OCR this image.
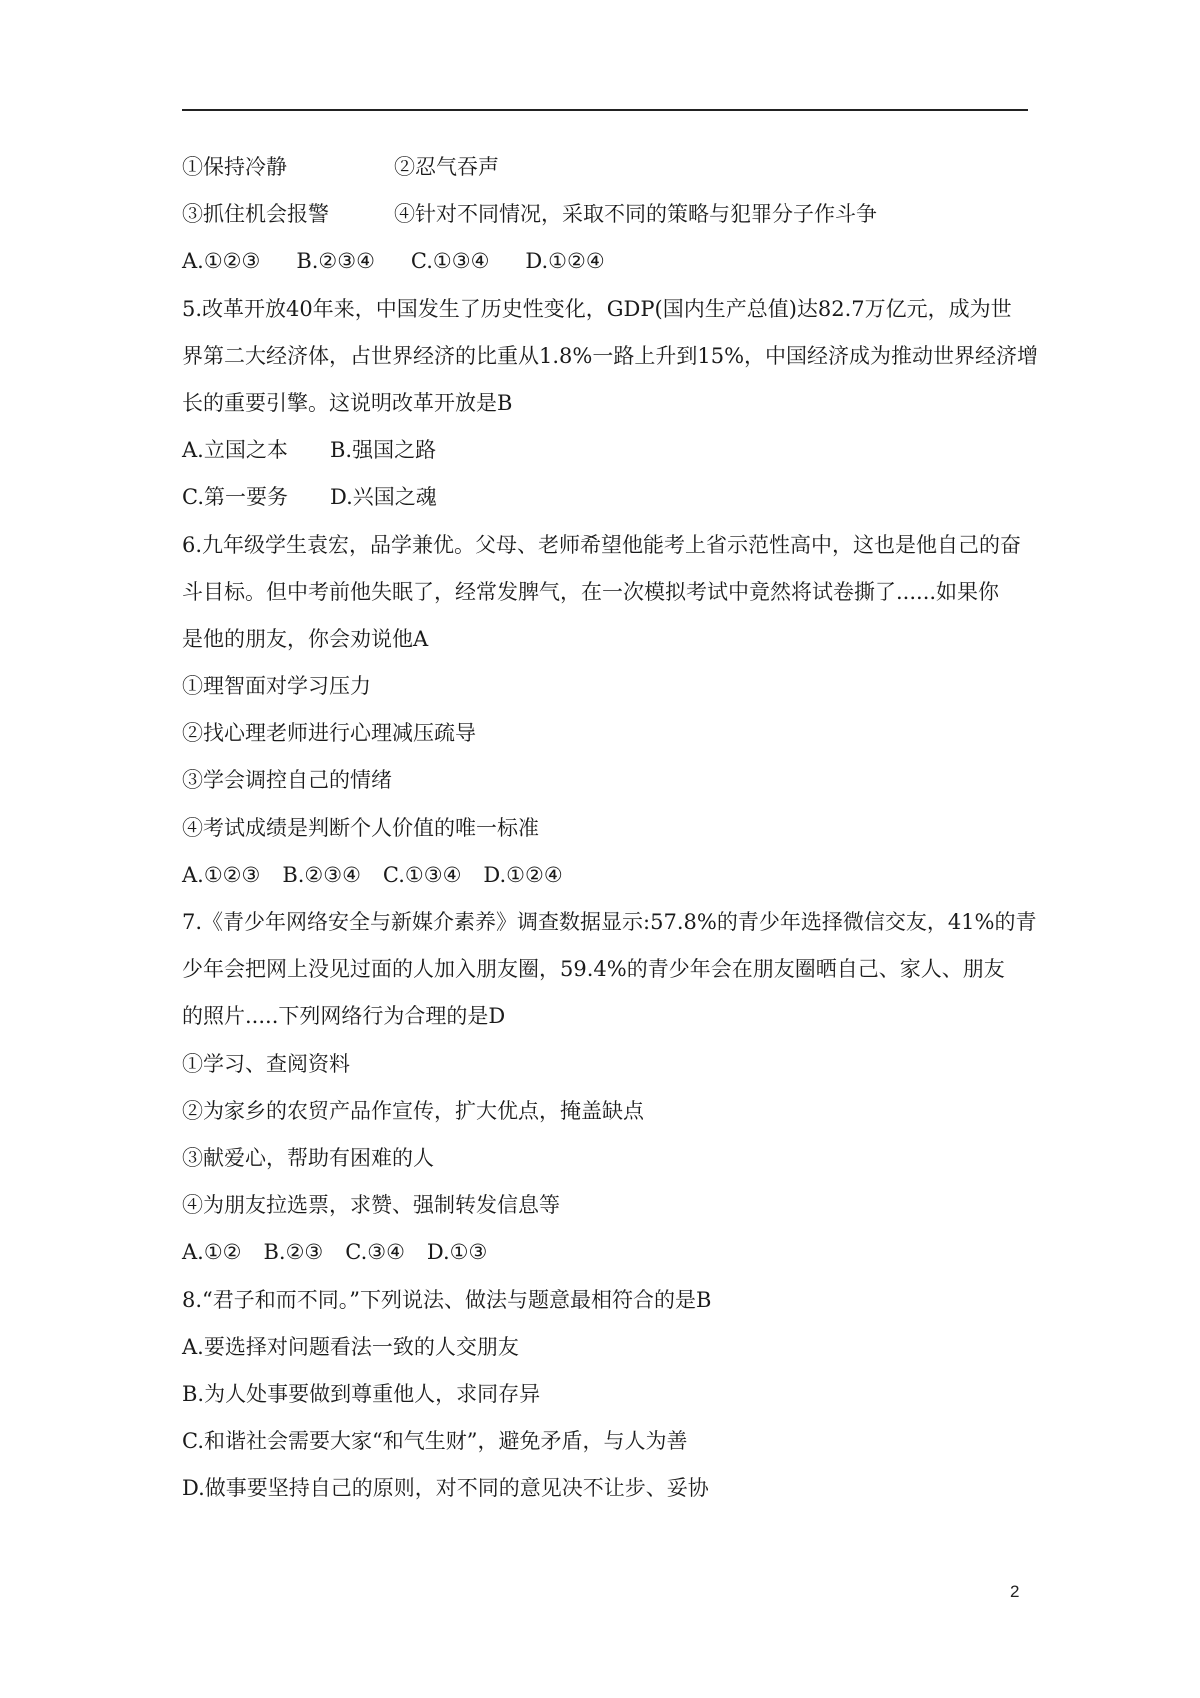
①保持冷静	②忍气吞声
③抓住机会报警	④针对不同情况，采取不同的策略与犯罪分子作斗争
A.①②③ B.②③④ C.①③④ D.①②④
5.改革开放40年来，中国发生了历史性变化，GDP(国内生产总值)达82.7万亿元，成为世
界第二大经济体，占世界经济的比重从1.8%一路上升到15%，中国经济成为推动世界经济增
长的重要引擎。这说明改革开放是B
A.立国之本 B.强国之路
C.第一要务 D.兴国之魂
6.九年级学生袁宏，品学兼优。父母、老师希望他能考上省示范性高中，这也是他自己的奋
斗目标。但中考前他失眠了，经常发脾气，在一次模拟考试中竟然将试卷撕了......如果你
是他的朋友，你会劝说他A
①理智面对学习压力
②找心理老师进行心理减压疏导
③学会调控自己的情绪
④考试成绩是判断个人价值的唯一标准
A.①②③ B.②③④ C.①③④ D.①②④
7.《青少年网络安全与新媒介素养》调查数据显示:57.8%的青少年选择微信交友，41%的青
少年会把网上没见过面的人加入朋友圈，59.4%的青少年会在朋友圈晒自己、家人、朋友
的照片.....下列网络行为合理的是D
①学习、查阅资料
②为家乡的农贸产品作宣传，扩大优点，掩盖缺点
③献爱心，帮助有困难的人
④为朋友拉选票，求赞、强制转发信息等
A.①② B.②③ C.③④ D.①③
8.“君子和而不同。”下列说法、做法与题意最相符合的是B
A.要选择对问题看法一致的人交朋友
B.为人处事要做到尊重他人，求同存异
C.和谐社会需要大家“和气生财”，避免矛盾，与人为善
D.做事要坚持自己的原则，对不同的意见决不让步、妥协
2
